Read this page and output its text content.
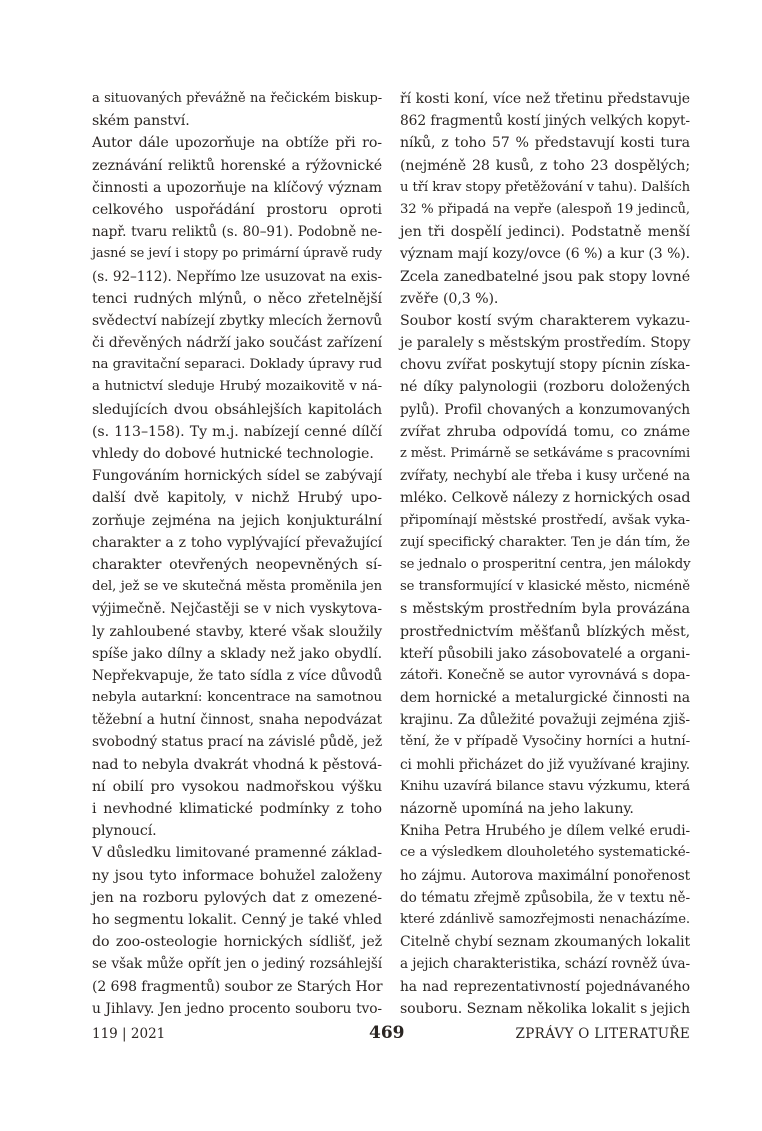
a situovaných převážně na řečickém biskup-
ském panství.
Autor dále upozorňuje na obtíže při ro-
zeznávání reliktů horenské a rýžovnické
činnosti a upozorňuje na klíčový význam
celkového uspořádání prostoru oproti
např. tvaru reliktů (s. 80–91). Podobně ne-
jasné se jeví i stopy po primární úpravě rudy
(s. 92–112). Nepřímo lze usuzovat na exis-
tenci rudných mlýnů, o něco zřetelnější
svědectví nabízejí zbytky mlecích žernovů
či dřevěných nádrží jako součást zařízení
na gravitační separaci. Doklady úpravy rud
a hutnictví sleduje Hrubý mozaikovitě v ná-
sledujících dvou obsáhlejších kapitolách
(s. 113–158). Ty m.j. nabízejí cenné dílčí
vhledy do dobové hutnické technologie.
Fungováním hornických sídel se zabývají
další dvě kapitoly, v nichž Hrubý upo-
zorňuje zejména na jejich konjukturální
charakter a z toho vyplývající převažující
charakter otevřených neopevněných sí-
del, jež se ve skutečná města proměnila jen
výjimečně. Nejčastěji se v nich vyskytova-
ly zahloubené stavby, které však sloužily
spíše jako dílny a sklady než jako obydlí.
Nepřekvapuje, že tato sídla z více důvodů
nebyla autarkní: koncentrace na samotnou
těžební a hutní činnost, snaha nepodvázat
svobodný status prací na závislé půdě, jež
nad to nebyla dvakrát vhodná k pěstová-
ní obilí pro vysokou nadmořskou výšku
i nevhodné klimatické podmínky z toho
plynoucí.
V důsledku limitované pramenné základ-
ny jsou tyto informace bohužel založeny
jen na rozboru pylových dat z omezené-
ho segmentu lokalit. Cenný je také vhled
do zoo-osteologie hornických sídlišť, jež
se však může opřít jen o jediný rozsáhlejší
(2 698 fragmentů) soubor ze Starých Hor
u Jihlavy. Jen jedno procento souboru tvo-
ří kosti koní, více než třetinu představuje
862 fragmentů kostí jiných velkých kopyt-
níků, z toho 57 % představují kosti tura
(nejméně 28 kusů, z toho 23 dospělých;
u tří krav stopy přetěžování v tahu). Dalších
32 % připadá na vepře (alespoň 19 jedinců,
jen tři dospělí jedinci). Podstatně menší
význam mají kozy/ovce (6 %) a kur (3 %).
Zcela zanedbatelné jsou pak stopy lovné
zvěře (0,3 %).
Soubor kostí svým charakterem vykazu-
je paralely s městským prostředím. Stopy
chovu zvířat poskytují stopy pícnin získa-
né díky palynologii (rozboru doložených
pylů). Profil chovaných a konzumovaných
zvířat zhruba odpovídá tomu, co známe
z měst. Primárně se setkáváme s pracovními
zvířaty, nechybí ale třeba i kusy určené na
mléko. Celkově nálezy z hornických osad
připomínají městské prostředí, avšak vyka-
zují specifický charakter. Ten je dán tím, že
se jednalo o prosperitní centra, jen málokdy
se transformující v klasické město, nicméně
s městským prostředním byla provázána
prostřednictvím měšťanů blízkých měst,
kteří působili jako zásobovatelé a organi-
zátoři. Konečně se autor vyrovnává s dopa-
dem hornické a metalurgické činnosti na
krajinu. Za důležité považuji zejména zjiš-
tění, že v případě Vysočiny horníci a hutní-
ci mohli přicházet do již využívané krajiny.
Knihu uzavírá bilance stavu výzkumu, která
názorně upomíná na jeho lakuny.
Kniha Petra Hrubého je dílem velké erudi-
ce a výsledkem dlouholetého systematické-
ho zájmu. Autorova maximální ponořenost
do tématu zřejmě způsobila, že v textu ně-
které zdánlivě samozřejmosti nenacházíme.
Citelně chybí seznam zkoumaných lokalit
a jejich charakteristika, schází rovněž úva-
ha nad reprezentativností pojednávaného
souboru. Seznam několika lokalit s jejich
119 | 2021	469	ZPRÁVY O LITERATUŘE
